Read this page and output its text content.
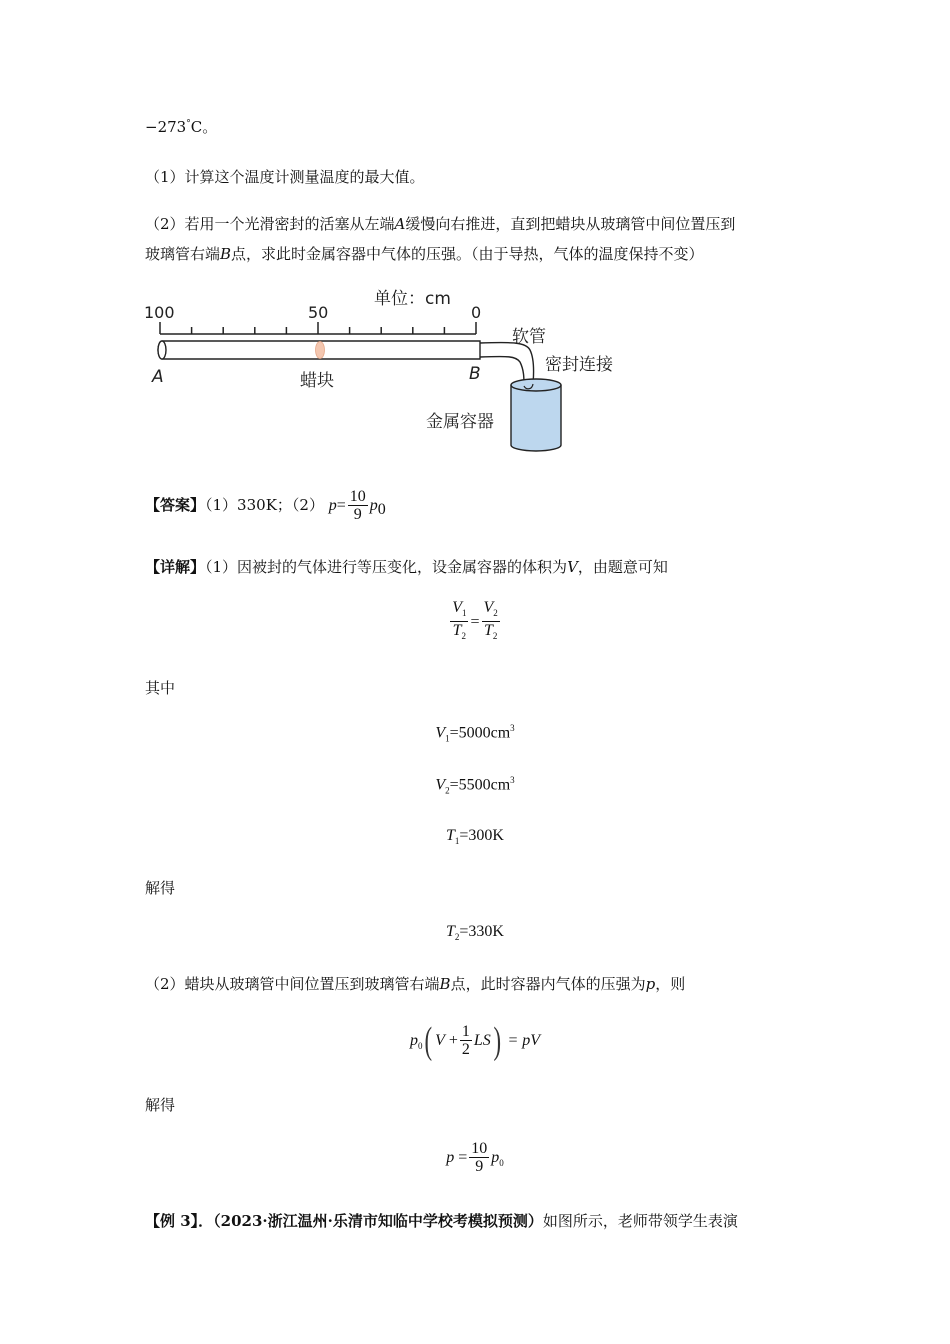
−273°C。
（1）计算这个温度计测量温度的最大值。
（2）若用一个光滑密封的活塞从左端A缓慢向右推进，直到把蜡块从玻璃管中间位置压到
玻璃管右端B点，求此时金属容器中气体的压强。（由于导热，气体的温度保持不变）
单位：cm
100	50	0
A	B
蜡块
软管
密封连接
金属容器
【答案】（1）330K；（2） $p= \frac{10}{9} p_0$
【详解】（1）因被封的气体进行等压变化，设金属容器的体积为V，由题意可知
$\frac{V_1}{T_2} = \frac{V_2}{T_2}$
其中
$V_1=5000cm^3$
$V_2=5500cm^3$
$T_1=300K$
解得
$T_2=330K$
（2）蜡块从玻璃管中间位置压到玻璃管右端B点，此时容器内气体的压强为p，则
$p_0$( $V + \frac{1}{2} LS$) = pV
解得
$p = \frac{10}{9} p_0$
【例 3】．（2023·浙江温州·乐清市知临中学校考模拟预测）如图所示，老师带领学生表演
